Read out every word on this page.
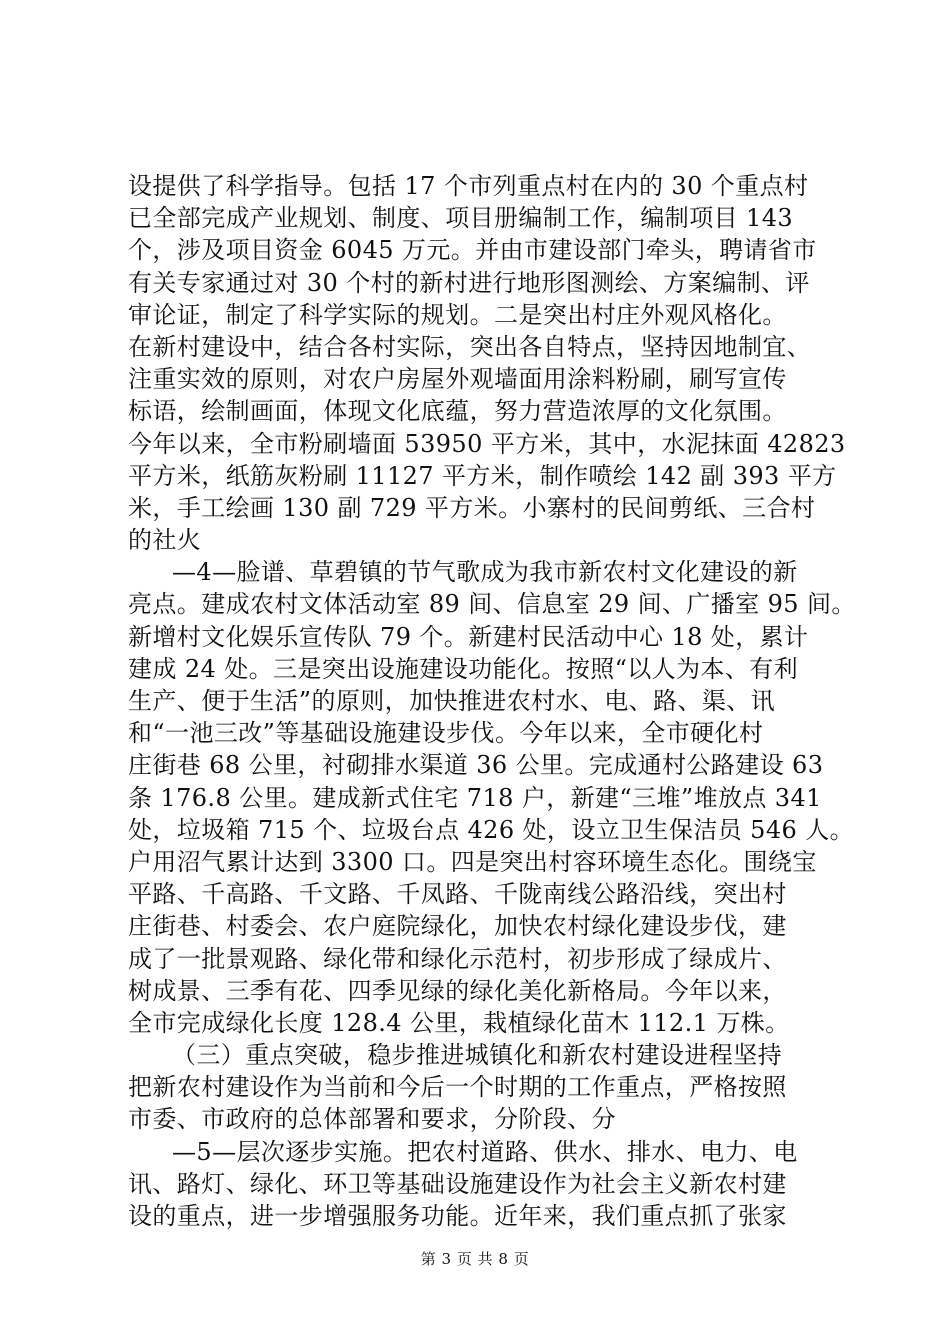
设提供了科学指导。包括 17 个市列重点村在内的 30 个重点村
已全部完成产业规划、制度、项目册编制工作，编制项目 143
个，涉及项目资金 6045 万元。并由市建设部门牵头，聘请省市
有关专家通过对 30 个村的新村进行地形图测绘、方案编制、评
审论证，制定了科学实际的规划。二是突出村庄外观风格化。
在新村建设中，结合各村实际，突出各自特点，坚持因地制宜、
注重实效的原则，对农户房屋外观墙面用涂料粉刷，刷写宣传
标语，绘制画面，体现文化底蕴，努力营造浓厚的文化氛围。
今年以来，全市粉刷墙面 53950 平方米，其中，水泥抹面 42823
平方米，纸筋灰粉刷 11127 平方米，制作喷绘 142 副 393 平方
米，手工绘画 130 副 729 平方米。小寨村的民间剪纸、三合村
的社火
—4—脸谱、草碧镇的节气歌成为我市新农村文化建设的新
亮点。建成农村文体活动室 89 间、信息室 29 间、广播室 95 间。
新增村文化娱乐宣传队 79 个。新建村民活动中心 18 处，累计
建成 24 处。三是突出设施建设功能化。按照“以人为本、有利
生产、便于生活”的原则，加快推进农村水、电、路、渠、讯
和“一池三改”等基础设施建设步伐。今年以来，全市硬化村
庄街巷 68 公里，衬砌排水渠道 36 公里。完成通村公路建设 63
条 176.8 公里。建成新式住宅 718 户，新建“三堆”堆放点 341
处，垃圾箱 715 个、垃圾台点 426 处，设立卫生保洁员 546 人。
户用沼气累计达到 3300 口。四是突出村容环境生态化。围绕宝
平路、千高路、千文路、千凤路、千陇南线公路沿线，突出村
庄街巷、村委会、农户庭院绿化，加快农村绿化建设步伐，建
成了一批景观路、绿化带和绿化示范村，初步形成了绿成片、
树成景、三季有花、四季见绿的绿化美化新格局。今年以来，
全市完成绿化长度 128.4 公里，栽植绿化苗木 112.1 万株。
（三）重点突破，稳步推进城镇化和新农村建设进程坚持
把新农村建设作为当前和今后一个时期的工作重点，严格按照
市委、市政府的总体部署和要求，分阶段、分
—5—层次逐步实施。把农村道路、供水、排水、电力、电
讯、路灯、绿化、环卫等基础设施建设作为社会主义新农村建
设的重点，进一步增强服务功能。近年来，我们重点抓了张家
第 3 页 共 8 页
